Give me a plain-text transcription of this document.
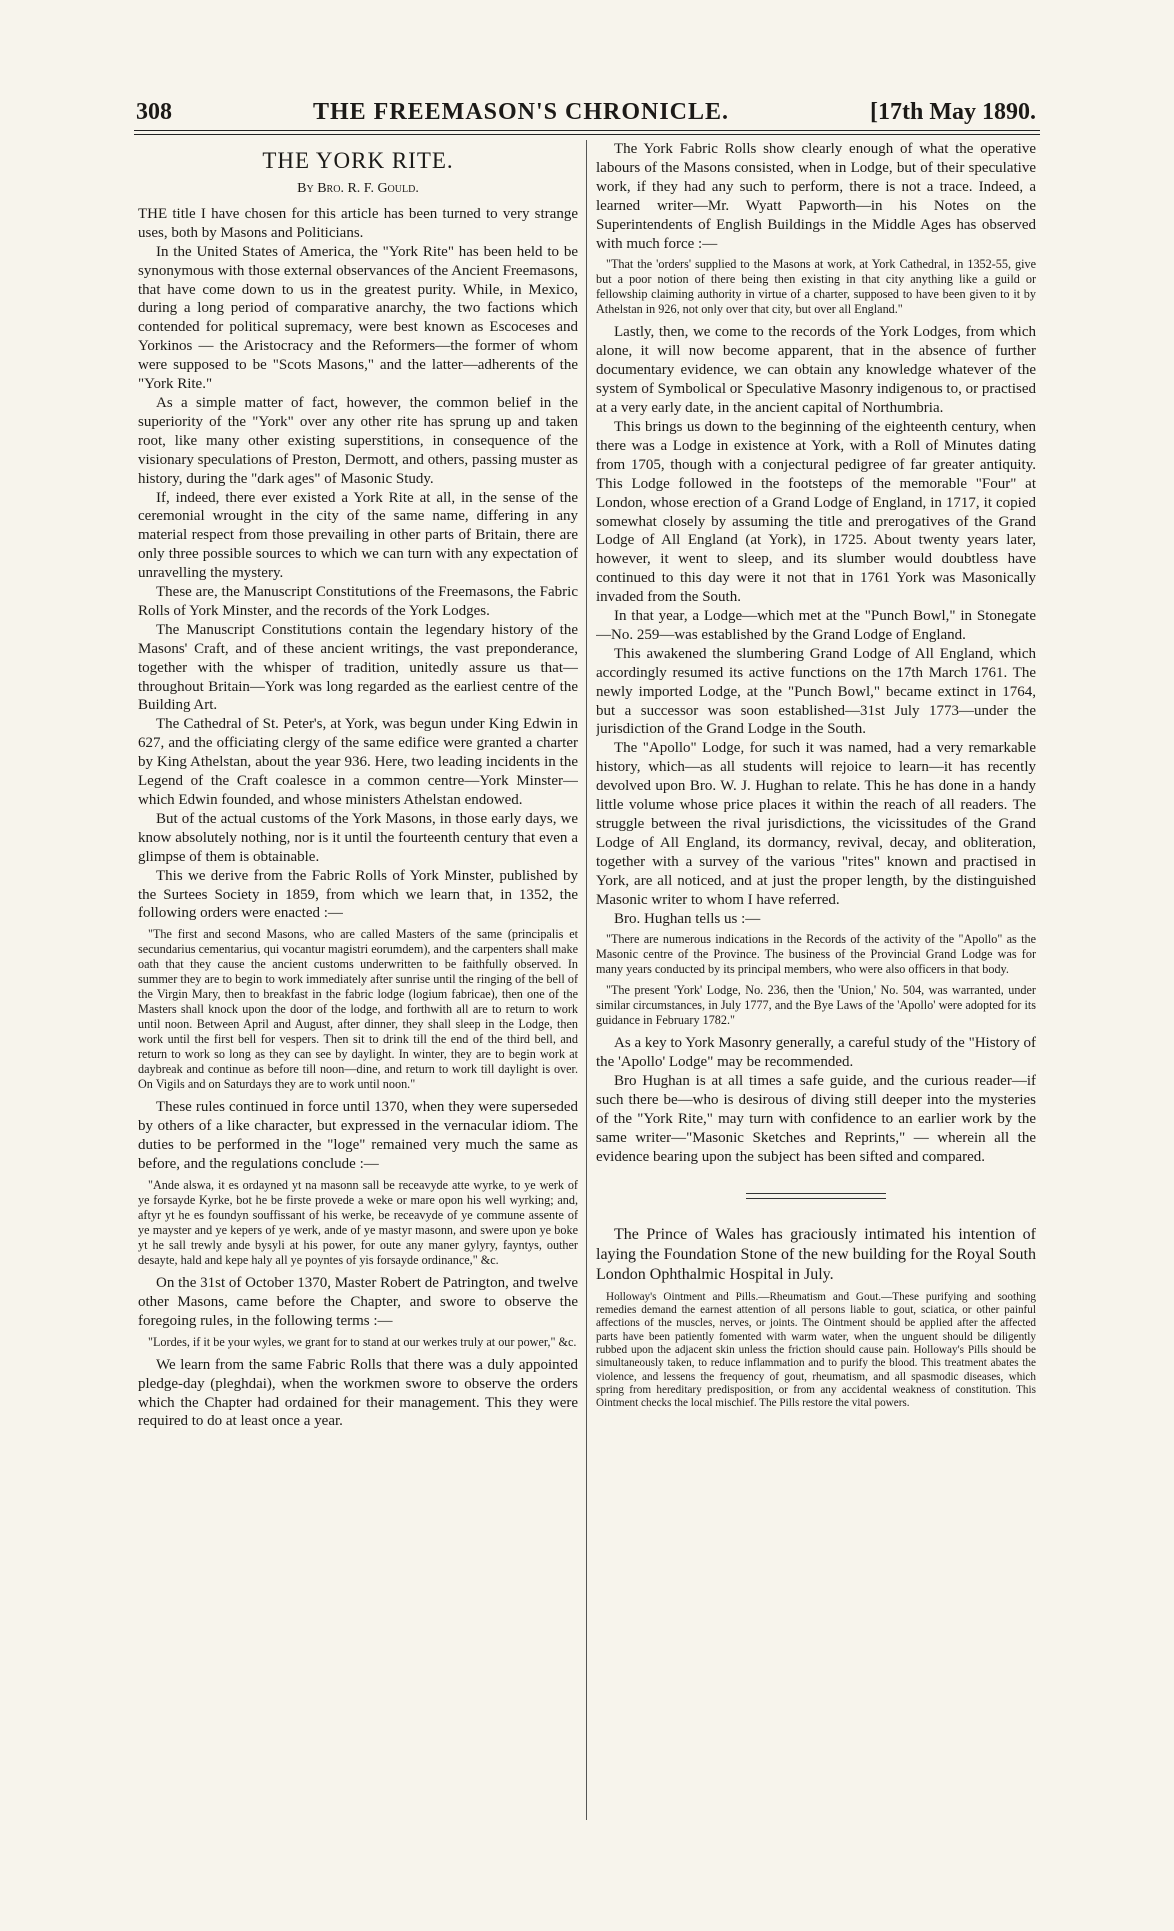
308	THE FREEMASON'S CHRONICLE.	[17th May 1890.
THE YORK RITE.
By Bro. R. F. Gould.

THE title I have chosen for this article has been turned to very strange uses, both by Masons and Politicians.

In the United States of America, the "York Rite" has been held to be synonymous with those external observances of the Ancient Freemasons, that have come down to us in the greatest purity. While, in Mexico, during a long period of comparative anarchy, the two factions which contended for political supremacy, were best known as Escoceses and Yorkinos — the Aristocracy and the Reformers—the former of whom were supposed to be "Scots Masons," and the latter—adherents of the "York Rite."

As a simple matter of fact, however, the common belief in the superiority of the "York" over any other rite has sprung up and taken root, like many other existing superstitions, in consequence of the visionary speculations of Preston, Dermott, and others, passing muster as history, during the "dark ages" of Masonic Study.

If, indeed, there ever existed a York Rite at all, in the sense of the ceremonial wrought in the city of the same name, differing in any material respect from those prevailing in other parts of Britain, there are only three possible sources to which we can turn with any expectation of unravelling the mystery.

These are, the Manuscript Constitutions of the Freemasons, the Fabric Rolls of York Minster, and the records of the York Lodges.

The Manuscript Constitutions contain the legendary history of the Masons' Craft, and of these ancient writings, the vast preponderance, together with the whisper of tradition, unitedly assure us that—throughout Britain—York was long regarded as the earliest centre of the Building Art.

The Cathedral of St. Peter's, at York, was begun under King Edwin in 627, and the officiating clergy of the same edifice were granted a charter by King Athelstan, about the year 936. Here, two leading incidents in the Legend of the Craft coalesce in a common centre—York Minster—which Edwin founded, and whose ministers Athelstan endowed.

But of the actual customs of the York Masons, in those early days, we know absolutely nothing, nor is it until the fourteenth century that even a glimpse of them is obtainable.

This we derive from the Fabric Rolls of York Minster, published by the Surtees Society in 1859, from which we learn that, in 1352, the following orders were enacted :—

"The first and second Masons, who are called Masters of the same (principalis et secundarius cementarius, qui vocantur magistri eorumdem), and the carpenters shall make oath that they cause the ancient customs underwritten to be faithfully observed. In summer they are to begin to work immediately after sunrise until the ringing of the bell of the Virgin Mary, then to breakfast in the fabric lodge (logium fabricae), then one of the Masters shall knock upon the door of the lodge, and forthwith all are to return to work until noon. Between April and August, after dinner, they shall sleep in the Lodge, then work until the first bell for vespers. Then sit to drink till the end of the third bell, and return to work so long as they can see by daylight. In winter, they are to begin work at daybreak and continue as before till noon—dine, and return to work till daylight is over. On Vigils and on Saturdays they are to work until noon."

These rules continued in force until 1370, when they were superseded by others of a like character, but expressed in the vernacular idiom. The duties to be performed in the "loge" remained very much the same as before, and the regulations conclude :—

"Ande alswa, it es ordayned yt na masonn sall be receavyde atte wyrke, to ye werk of ye forsayde Kyrke, bot he be firste provede a weke or mare opon his well wyrking; and, aftyr yt he es foundyn souffissant of his werke, be receavyde of ye commune assente of ye mayster and ye kepers of ye werk, ande of ye mastyr masonn, and swere upon ye boke yt he sall trewly ande bysyli at his power, for oute any maner gylyry, fayntys, outher desayte, hald and kepe haly all ye poyntes of yis forsayde ordinance," &c.

On the 31st of October 1370, Master Robert de Patrington, and twelve other Masons, came before the Chapter, and swore to observe the foregoing rules, in the following terms :—

"Lordes, if it be your wyles, we grant for to stand at our werkes truly at our power," &c.

We learn from the same Fabric Rolls that there was a duly appointed pledge-day (pleghdai), when the workmen swore to observe the orders which the Chapter had ordained for their management. This they were required to do at least once a year.

The York Fabric Rolls show clearly enough of what the operative labours of the Masons consisted, when in Lodge, but of their speculative work, if they had any such to perform, there is not a trace. Indeed, a learned writer—Mr. Wyatt Papworth—in his Notes on the Superintendents of English Buildings in the Middle Ages has observed with much force :—

"That the 'orders' supplied to the Masons at work, at York Cathedral, in 1352-55, give but a poor notion of there being then existing in that city anything like a guild or fellowship claiming authority in virtue of a charter, supposed to have been given to it by Athelstan in 926, not only over that city, but over all England."

Lastly, then, we come to the records of the York Lodges, from which alone, it will now become apparent, that in the absence of further documentary evidence, we can obtain any knowledge whatever of the system of Symbolical or Speculative Masonry indigenous to, or practised at a very early date, in the ancient capital of Northumbria.

This brings us down to the beginning of the eighteenth century, when there was a Lodge in existence at York, with a Roll of Minutes dating from 1705, though with a conjectural pedigree of far greater antiquity. This Lodge followed in the footsteps of the memorable "Four" at London, whose erection of a Grand Lodge of England, in 1717, it copied somewhat closely by assuming the title and prerogatives of the Grand Lodge of All England (at York), in 1725. About twenty years later, however, it went to sleep, and its slumber would doubtless have continued to this day were it not that in 1761 York was Masonically invaded from the South.

In that year, a Lodge—which met at the "Punch Bowl," in Stonegate—No. 259—was established by the Grand Lodge of England.

This awakened the slumbering Grand Lodge of All England, which accordingly resumed its active functions on the 17th March 1761. The newly imported Lodge, at the "Punch Bowl," became extinct in 1764, but a successor was soon established—31st July 1773—under the jurisdiction of the Grand Lodge in the South.

The "Apollo" Lodge, for such it was named, had a very remarkable history, which—as all students will rejoice to learn—it has recently devolved upon Bro. W. J. Hughan to relate. This he has done in a handy little volume whose price places it within the reach of all readers. The struggle between the rival jurisdictions, the vicissitudes of the Grand Lodge of All England, its dormancy, revival, decay, and obliteration, together with a survey of the various "rites" known and practised in York, are all noticed, and at just the proper length, by the distinguished Masonic writer to whom I have referred.

Bro. Hughan tells us :—

"There are numerous indications in the Records of the activity of the "Apollo" as the Masonic centre of the Province. The business of the Provincial Grand Lodge was for many years conducted by its principal members, who were also officers in that body.

"The present 'York' Lodge, No. 236, then the 'Union,' No. 504, was warranted, under similar circumstances, in July 1777, and the Bye Laws of the 'Apollo' were adopted for its guidance in February 1782."

As a key to York Masonry generally, a careful study of the "History of the 'Apollo' Lodge" may be recommended.

Bro Hughan is at all times a safe guide, and the curious reader—if such there be—who is desirous of diving still deeper into the mysteries of the "York Rite," may turn with confidence to an earlier work by the same writer—"Masonic Sketches and Reprints," — wherein all the evidence bearing upon the subject has been sifted and compared.

The Prince of Wales has graciously intimated his intention of laying the Foundation Stone of the new building for the Royal South London Ophthalmic Hospital in July.

Holloway's Ointment and Pills.—Rheumatism and Gout.—These purifying and soothing remedies demand the earnest attention of all persons liable to gout, sciatica, or other painful affections of the muscles, nerves, or joints. The Ointment should be applied after the affected parts have been patiently fomented with warm water, when the unguent should be diligently rubbed upon the adjacent skin unless the friction should cause pain. Holloway's Pills should be simultaneously taken, to reduce inflammation and to purify the blood. This treatment abates the violence, and lessens the frequency of gout, rheumatism, and all spasmodic diseases, which spring from hereditary predisposition, or from any accidental weakness of constitution. This Ointment checks the local mischief. The Pills restore the vital powers.
